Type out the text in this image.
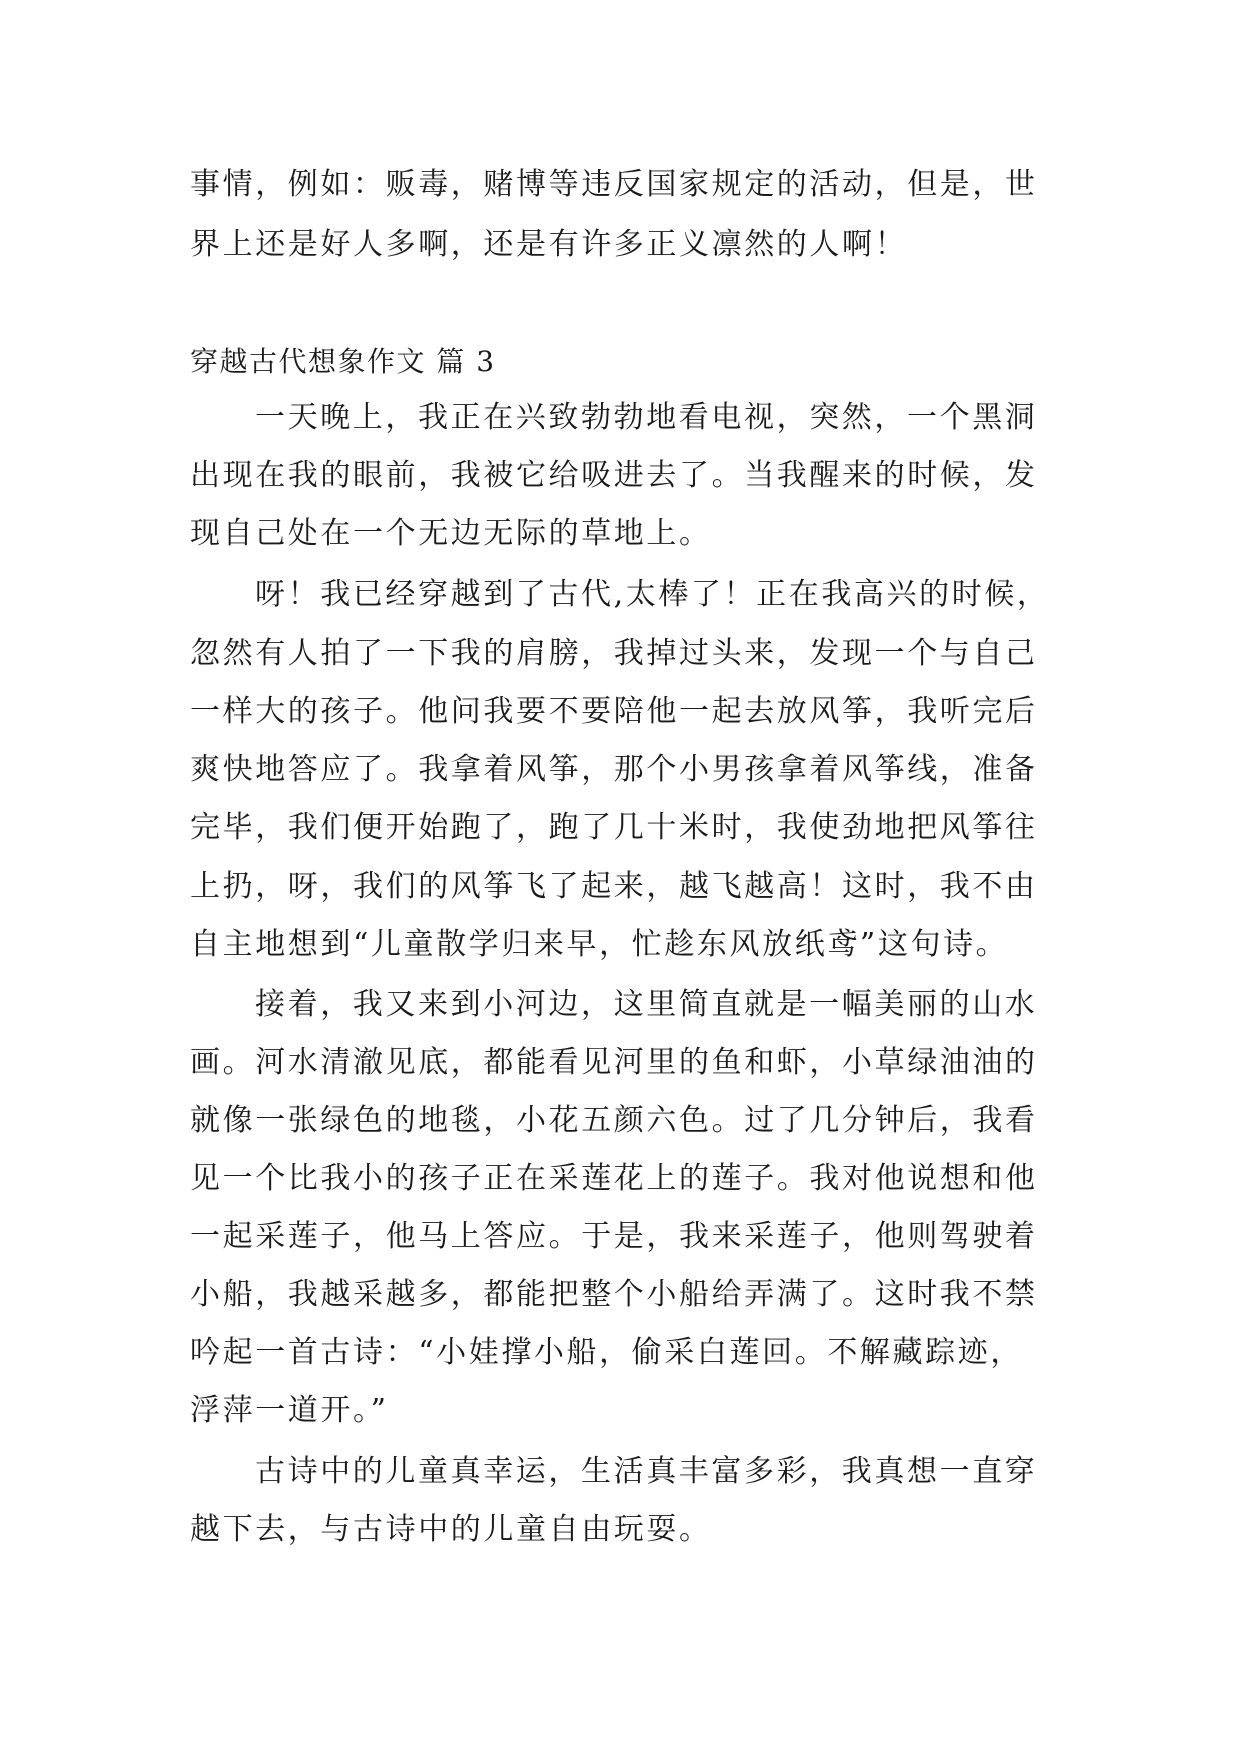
事情，例如：贩毒，赌博等违反国家规定的活动，但是，世
界上还是好人多啊，还是有许多正义凛然的人啊！
穿越古代想象作文 篇 3
一天晚上，我正在兴致勃勃地看电视，突然，一个黑洞
出现在我的眼前，我被它给吸进去了。当我醒来的时候，发
现自己处在一个无边无际的草地上。
呀！我已经穿越到了古代,太棒了！正在我高兴的时候，
忽然有人拍了一下我的肩膀，我掉过头来，发现一个与自己
一样大的孩子。他问我要不要陪他一起去放风筝，我听完后
爽快地答应了。我拿着风筝，那个小男孩拿着风筝线，准备
完毕，我们便开始跑了，跑了几十米时，我使劲地把风筝往
上扔，呀，我们的风筝飞了起来，越飞越高！这时，我不由
自主地想到“儿童散学归来早，忙趁东风放纸鸢”这句诗。
接着，我又来到小河边，这里简直就是一幅美丽的山水
画。河水清澈见底，都能看见河里的鱼和虾，小草绿油油的
就像一张绿色的地毯，小花五颜六色。过了几分钟后，我看
见一个比我小的孩子正在采莲花上的莲子。我对他说想和他
一起采莲子，他马上答应。于是，我来采莲子，他则驾驶着
小船，我越采越多，都能把整个小船给弄满了。这时我不禁
吟起一首古诗：“小娃撑小船，偷采白莲回。不解藏踪迹，
浮萍一道开。”
古诗中的儿童真幸运，生活真丰富多彩，我真想一直穿
越下去，与古诗中的儿童自由玩耍。
